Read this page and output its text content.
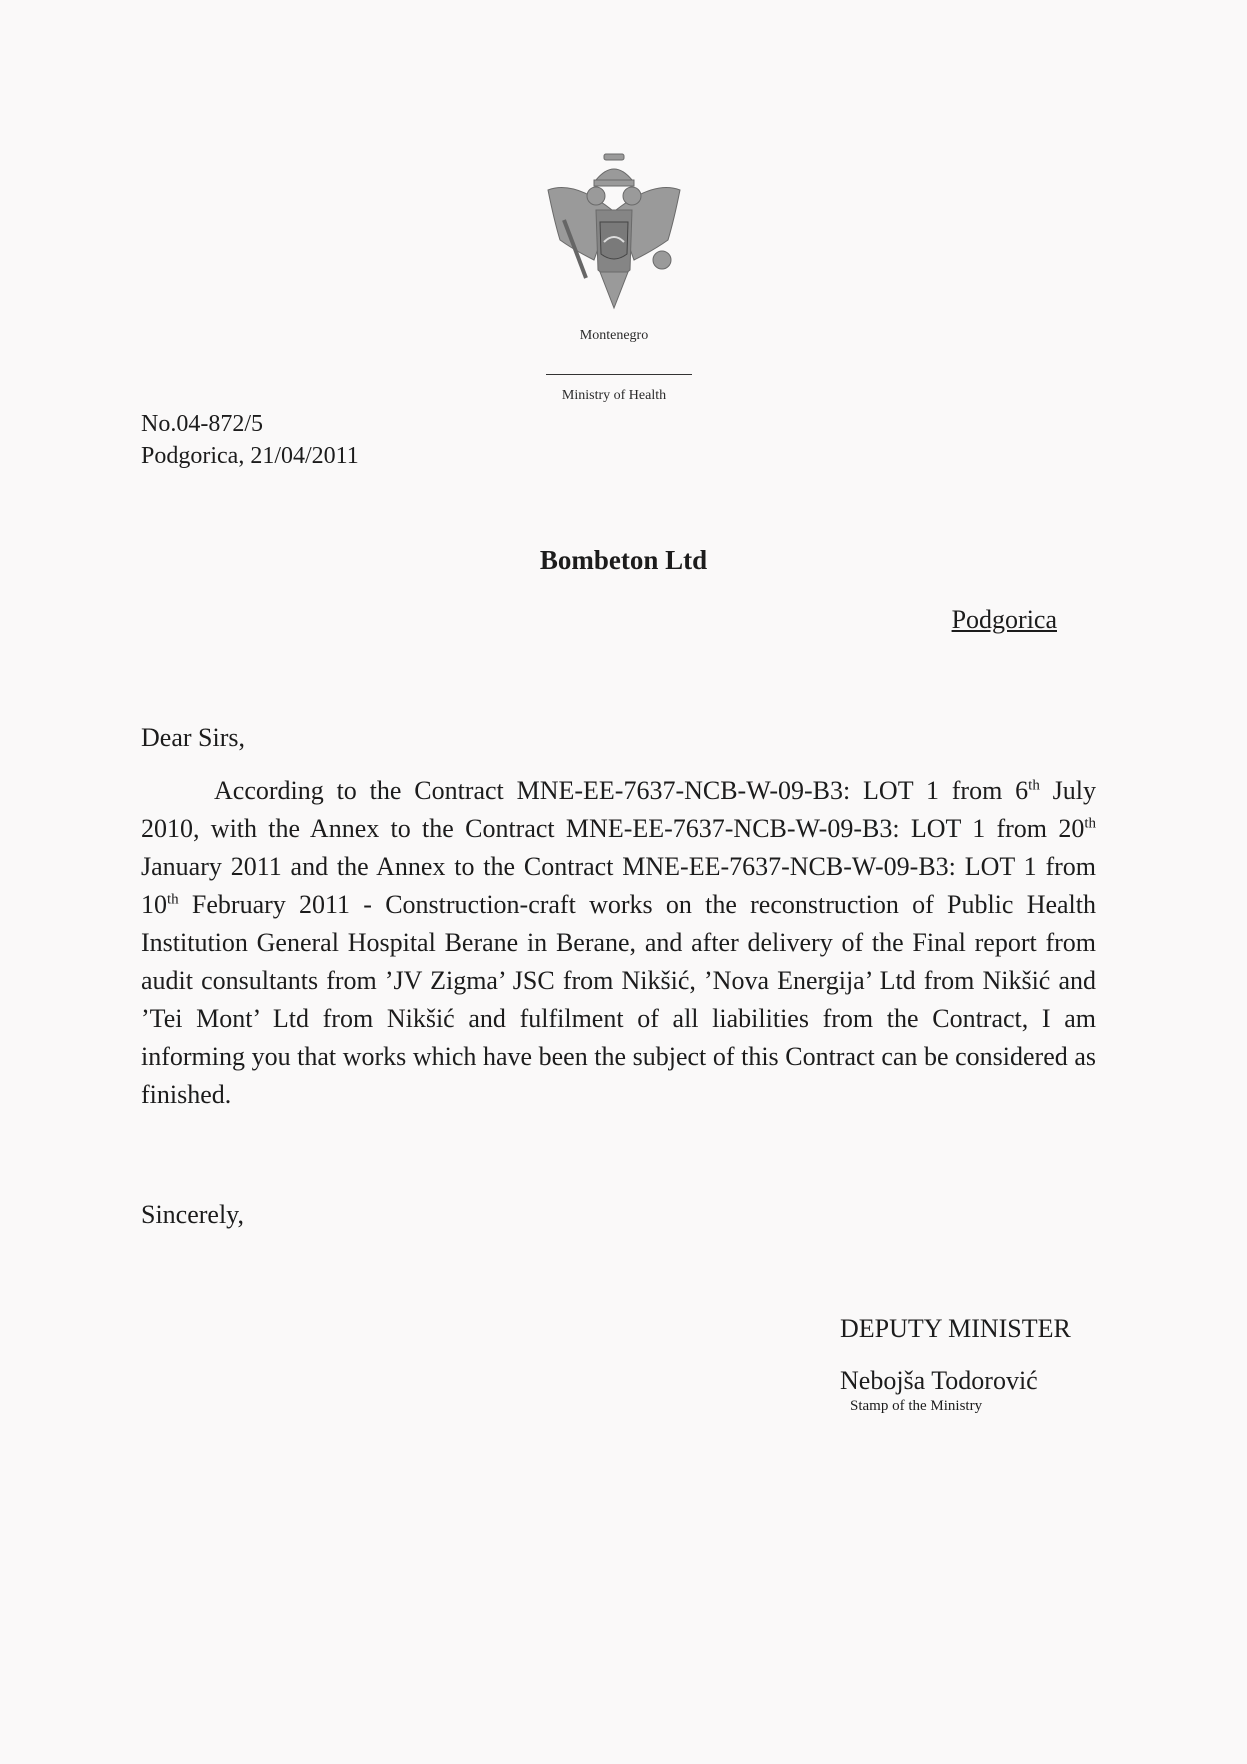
Montenegro
Ministry of Health
No.04-872/5
Podgorica, 21/04/2011
Bombeton Ltd
Podgorica
Dear Sirs,
According to the Contract MNE-EE-7637-NCB-W-09-B3: LOT 1 from 6th July 2010, with the Annex to the Contract MNE-EE-7637-NCB-W-09-B3: LOT 1 from 20th January 2011 and the Annex to the Contract MNE-EE-7637-NCB-W-09-B3: LOT 1 from 10th February 2011 - Construction-craft works on the reconstruction of Public Health Institution General Hospital Berane in Berane, and after delivery of the Final report from audit consultants from ’JV Zigma’ JSC from Nikšić, ’Nova Energija’ Ltd from Nikšić and ’Tei Mont’ Ltd from Nikšić and fulfilment of all liabilities from the Contract, I am informing you that works which have been the subject of this Contract can be considered as finished.
Sincerely,
DEPUTY MINISTER
Nebojša Todorović
Stamp of the Ministry
